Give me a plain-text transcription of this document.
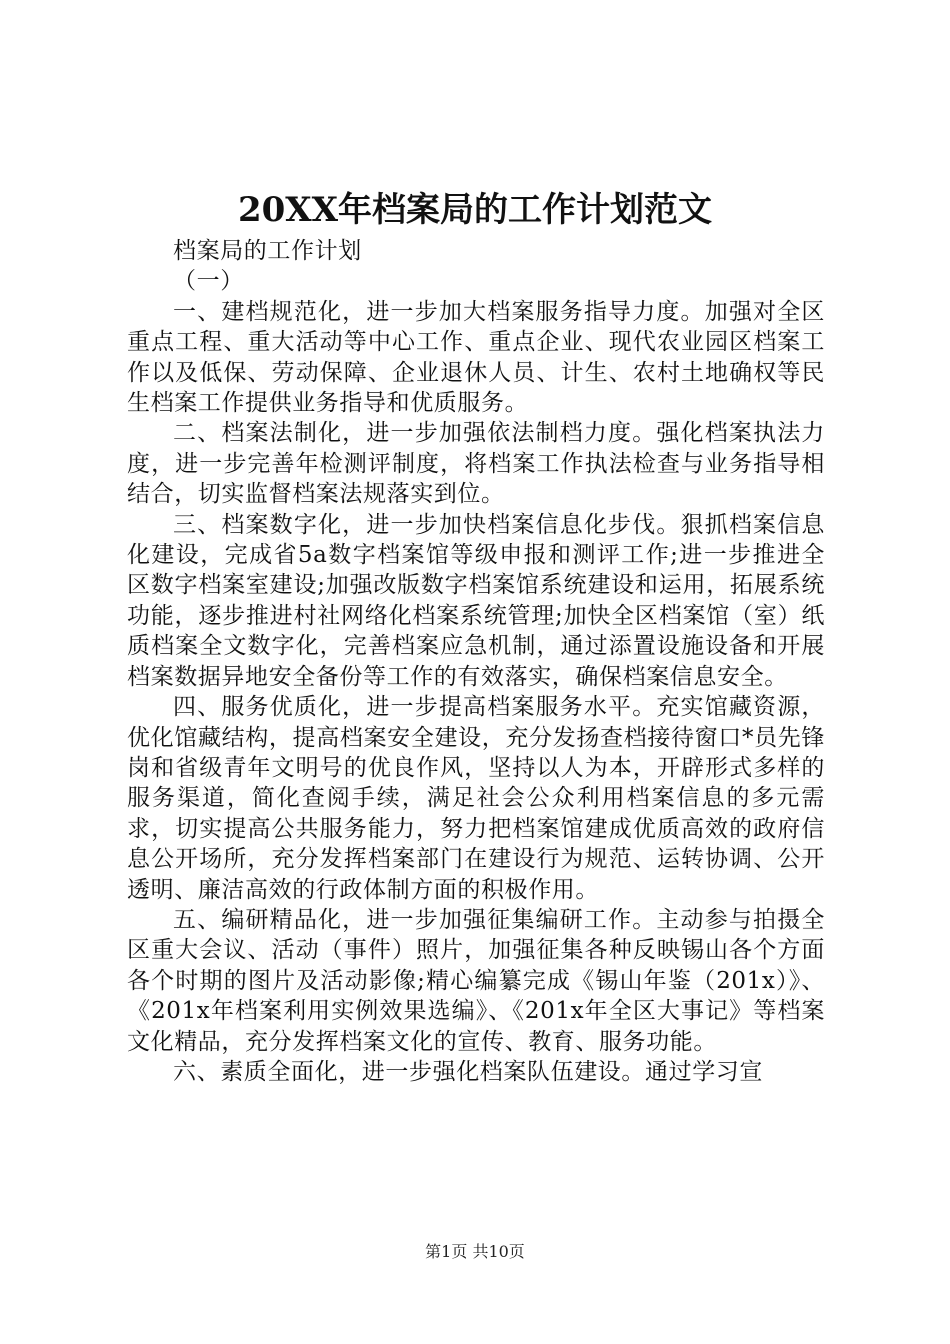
20XX年档案局的工作计划范文

档案局的工作计划

（一）

一、建档规范化，进一步加大档案服务指导力度。加强对全区重点工程、重大活动等中心工作、重点企业、现代农业园区档案工作以及低保、劳动保障、企业退休人员、计生、农村土地确权等民生档案工作提供业务指导和优质服务。

二、档案法制化，进一步加强依法制档力度。强化档案执法力度，进一步完善年检测评制度，将档案工作执法检查与业务指导相结合，切实监督档案法规落实到位。

三、档案数字化，进一步加快档案信息化步伐。狠抓档案信息化建设，完成省5a数字档案馆等级申报和测评工作;进一步推进全区数字档案室建设;加强改版数字档案馆系统建设和运用，拓展系统功能，逐步推进村社网络化档案系统管理;加快全区档案馆（室）纸质档案全文数字化，完善档案应急机制，通过添置设施设备和开展档案数据异地安全备份等工作的有效落实，确保档案信息安全。

四、服务优质化，进一步提高档案服务水平。充实馆藏资源，优化馆藏结构，提高档案安全建设，充分发扬查档接待窗口*员先锋岗和省级青年文明号的优良作风，坚持以人为本，开辟形式多样的服务渠道，简化查阅手续，满足社会公众利用档案信息的多元需求，切实提高公共服务能力，努力把档案馆建成优质高效的政府信息公开场所，充分发挥档案部门在建设行为规范、运转协调、公开透明、廉洁高效的行政体制方面的积极作用。

五、编研精品化，进一步加强征集编研工作。主动参与拍摄全区重大会议、活动（事件）照片，加强征集各种反映锡山各个方面各个时期的图片及活动影像;精心编纂完成《锡山年鉴（201x）》、《201x年档案利用实例效果选编》、《201x年全区大事记》等档案文化精品，充分发挥档案文化的宣传、教育、服务功能。

六、素质全面化，进一步强化档案队伍建设。通过学习宣

第1页 共10页
